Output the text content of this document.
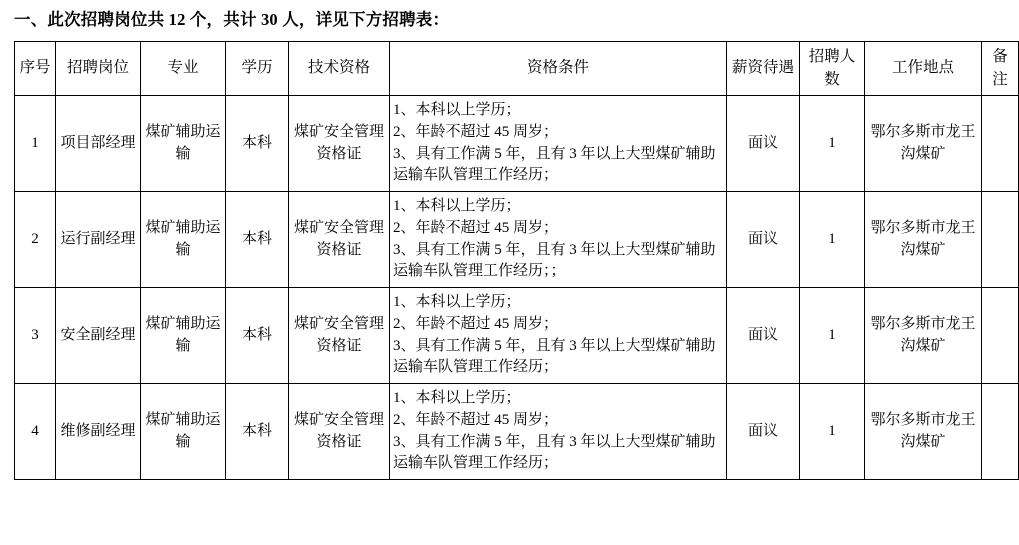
一、此次招聘岗位共 12 个，共计 30 人，详见下方招聘表：
序号	招聘岗位	专业	学历	技术资格	资格条件	薪资待遇	招聘人数	工作地点	备注
1	项目部经理	煤矿辅助运输	本科	煤矿安全管理资格证	1、本科以上学历；
2、年龄不超过 45 周岁；
3、具有工作满 5 年，且有 3 年以上大型煤矿辅助运输车队管理工作经历；	面议	1	鄂尔多斯市龙王沟煤矿	
2	运行副经理	煤矿辅助运输	本科	煤矿安全管理资格证	1、本科以上学历；
2、年龄不超过 45 周岁；
3、具有工作满 5 年，且有 3 年以上大型煤矿辅助运输车队管理工作经历；；	面议	1	鄂尔多斯市龙王沟煤矿	
3	安全副经理	煤矿辅助运输	本科	煤矿安全管理资格证	1、本科以上学历；
2、年龄不超过 45 周岁；
3、具有工作满 5 年，且有 3 年以上大型煤矿辅助运输车队管理工作经历；	面议	1	鄂尔多斯市龙王沟煤矿	
4	维修副经理	煤矿辅助运输	本科	煤矿安全管理资格证	1、本科以上学历；
2、年龄不超过 45 周岁；
3、具有工作满 5 年，且有 3 年以上大型煤矿辅助运输车队管理工作经历；	面议	1	鄂尔多斯市龙王沟煤矿	
